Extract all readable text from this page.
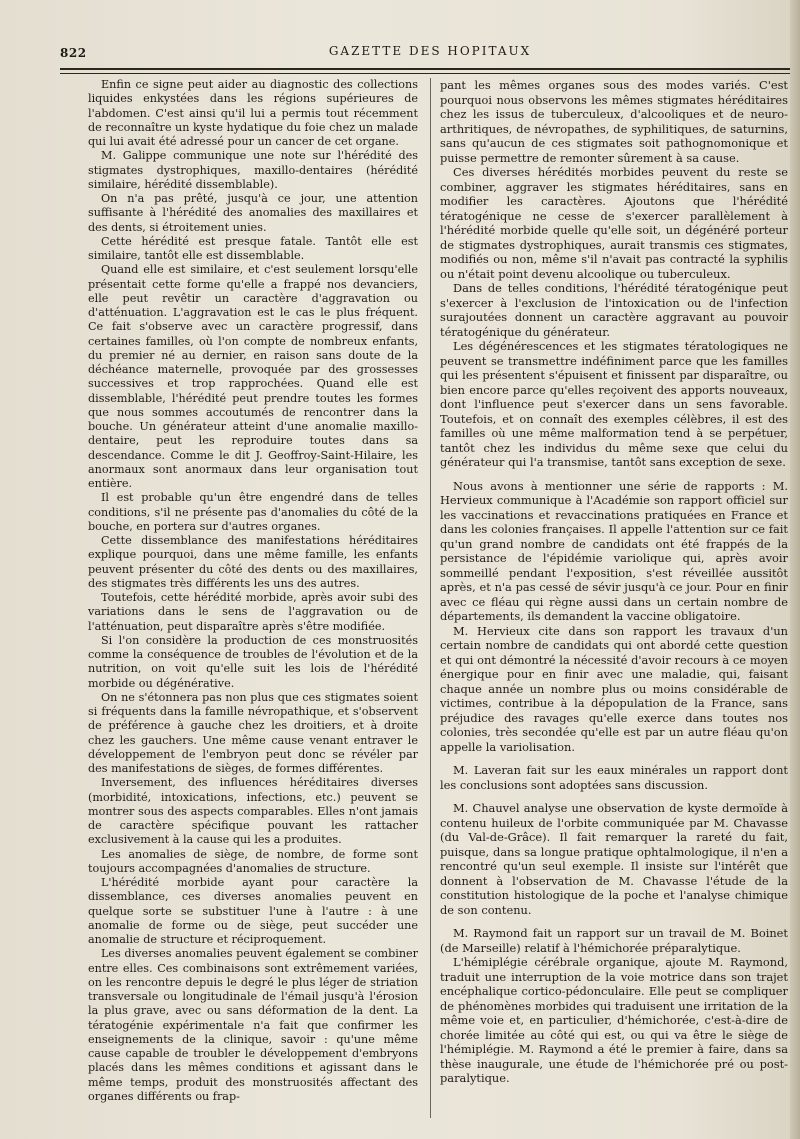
822	GAZETTE DES HOPITAUX

Enfin ce signe peut aider au diagnostic des collections liquides enkystées dans les régions supérieures de l'abdomen. C'est ainsi qu'il lui a permis tout récemment de reconnaître un kyste hydatique du foie chez un malade qui lui avait été adressé pour un cancer de cet organe.

M. Galippe communique une note sur l'hérédité des stigmates dystrophiques, maxillo-dentaires (hérédité similaire, hérédité dissemblable).

On n'a pas prêté, jusqu'à ce jour, une attention suffisante à l'hérédité des anomalies des maxillaires et des dents, si étroitement unies.

Cette hérédité est presque fatale. Tantôt elle est similaire, tantôt elle est dissemblable.

Quand elle est similaire, et c'est seulement lorsqu'elle présentait cette forme qu'elle a frappé nos devanciers, elle peut revêtir un caractère d'aggravation ou d'atténuation. L'aggravation est le cas le plus fréquent. Ce fait s'observe avec un caractère progressif, dans certaines familles, où l'on compte de nombreux enfants, du premier né au dernier, en raison sans doute de la déchéance maternelle, provoquée par des grossesses successives et trop rapprochées. Quand elle est dissemblable, l'hérédité peut prendre toutes les formes que nous sommes accoutumés de rencontrer dans la bouche. Un générateur atteint d'une anomalie maxillo-dentaire, peut les reproduire toutes dans sa descendance. Comme le dit J. Geoffroy-Saint-Hilaire, les anormaux sont anormaux dans leur organisation tout entière.

Il est probable qu'un être engendré dans de telles conditions, s'il ne présente pas d'anomalies du côté de la bouche, en portera sur d'autres organes.

Cette dissemblance des manifestations héréditaires explique pourquoi, dans une même famille, les enfants peuvent présenter du côté des dents ou des maxillaires, des stigmates très différents les uns des autres.

Toutefois, cette hérédité morbide, après avoir subi des variations dans le sens de l'aggravation ou de l'atténuation, peut disparaître après s'être modifiée.

Si l'on considère la production de ces monstruosités comme la conséquence de troubles de l'évolution et de la nutrition, on voit qu'elle suit les lois de l'hérédité morbide ou dégénérative.

On ne s'étonnera pas non plus que ces stigmates soient si fréquents dans la famille névropathique, et s'observent de préférence à gauche chez les droitiers, et à droite chez les gauchers. Une même cause venant entraver le développement de l'embryon peut donc se révéler par des manifestations de sièges, de formes différentes.

Inversement, des influences héréditaires diverses (morbidité, intoxications, infections, etc.) peuvent se montrer sous des aspects comparables. Elles n'ont jamais de caractère spécifique pouvant les rattacher exclusivement à la cause qui les a produites.

Les anomalies de siège, de nombre, de forme sont toujours accompagnées d'anomalies de structure.

L'hérédité morbide ayant pour caractère la dissemblance, ces diverses anomalies peuvent en quelque sorte se substituer l'une à l'autre : à une anomalie de forme ou de siège, peut succéder une anomalie de structure et réciproquement.

Les diverses anomalies peuvent également se combiner entre elles. Ces combinaisons sont extrêmement variées, on les rencontre depuis le degré le plus léger de striation transversale ou longitudinale de l'émail jusqu'à l'érosion la plus grave, avec ou sans déformation de la dent. La tératogénie expérimentale n'a fait que confirmer les enseignements de la clinique, savoir : qu'une même cause capable de troubler le développement d'embryons placés dans les mêmes conditions et agissant dans le même temps, produit des monstruosités affectant des organes différents ou frap-

pant les mêmes organes sous des modes variés. C'est pourquoi nous observons les mêmes stigmates héréditaires chez les issus de tuberculeux, d'alcooliques et de neuro-arthritiques, de névropathes, de syphilitiques, de saturnins, sans qu'aucun de ces stigmates soit pathognomonique et puisse permettre de remonter sûrement à sa cause.

Ces diverses hérédités morbides peuvent du reste se combiner, aggraver les stigmates héréditaires, sans en modifier les caractères. Ajoutons que l'hérédité tératogénique ne cesse de s'exercer parallèlement à l'hérédité morbide quelle qu'elle soit, un dégénéré porteur de stigmates dystrophiques, aurait transmis ces stigmates, modifiés ou non, même s'il n'avait pas contracté la syphilis ou n'était point devenu alcoolique ou tuberculeux.

Dans de telles conditions, l'hérédité tératogénique peut s'exercer à l'exclusion de l'intoxication ou de l'infection surajoutées donnent un caractère aggravant au pouvoir tératogénique du générateur.

Les dégénérescences et les stigmates tératologiques ne peuvent se transmettre indéfiniment parce que les familles qui les présentent s'épuisent et finissent par disparaître, ou bien encore parce qu'elles reçoivent des apports nouveaux, dont l'influence peut s'exercer dans un sens favorable. Toutefois, et on connaît des exemples célèbres, il est des familles où une même malformation tend à se perpétuer, tantôt chez les individus du même sexe que celui du générateur qui l'a transmise, tantôt sans exception de sexe.

Nous avons à mentionner une série de rapports : M. Hervieux communique à l'Académie son rapport officiel sur les vaccinations et revaccinations pratiquées en France et dans les colonies françaises. Il appelle l'attention sur ce fait qu'un grand nombre de candidats ont été frappés de la persistance de l'épidémie variolique qui, après avoir sommeillé pendant l'exposition, s'est réveillée aussitôt après, et n'a pas cessé de sévir jusqu'à ce jour. Pour en finir avec ce fléau qui règne aussi dans un certain nombre de départements, ils demandent la vaccine obligatoire.

M. Hervieux cite dans son rapport les travaux d'un certain nombre de candidats qui ont abordé cette question et qui ont démontré la nécessité d'avoir recours à ce moyen énergique pour en finir avec une maladie, qui, faisant chaque année un nombre plus ou moins considérable de victimes, contribue à la dépopulation de la France, sans préjudice des ravages qu'elle exerce dans toutes nos colonies, très secondée qu'elle est par un autre fléau qu'on appelle la variolisation.

M. Laveran fait sur les eaux minérales un rapport dont les conclusions sont adoptées sans discussion.

M. Chauvel analyse une observation de kyste dermoïde à contenu huileux de l'orbite communiquée par M. Chavasse (du Val-de-Grâce). Il fait remarquer la rareté du fait, puisque, dans sa longue pratique ophtalmologique, il n'en a rencontré qu'un seul exemple. Il insiste sur l'intérêt que donnent à l'observation de M. Chavasse l'étude de la constitution histologique de la poche et l'analyse chimique de son contenu.

M. Raymond fait un rapport sur un travail de M. Boinet (de Marseille) relatif à l'hémichorée préparalytique.

L'hémiplégie cérébrale organique, ajoute M. Raymond, traduit une interruption de la voie motrice dans son trajet encéphalique cortico-pédonculaire. Elle peut se compliquer de phénomènes morbides qui traduisent une irritation de la même voie et, en particulier, d'hémichorée, c'est-à-dire de chorée limitée au côté qui est, ou qui va être le siège de l'hémiplégie. M. Raymond a été le premier à faire, dans sa thèse inaugurale, une étude de l'hémichorée pré ou post-paralytique.
